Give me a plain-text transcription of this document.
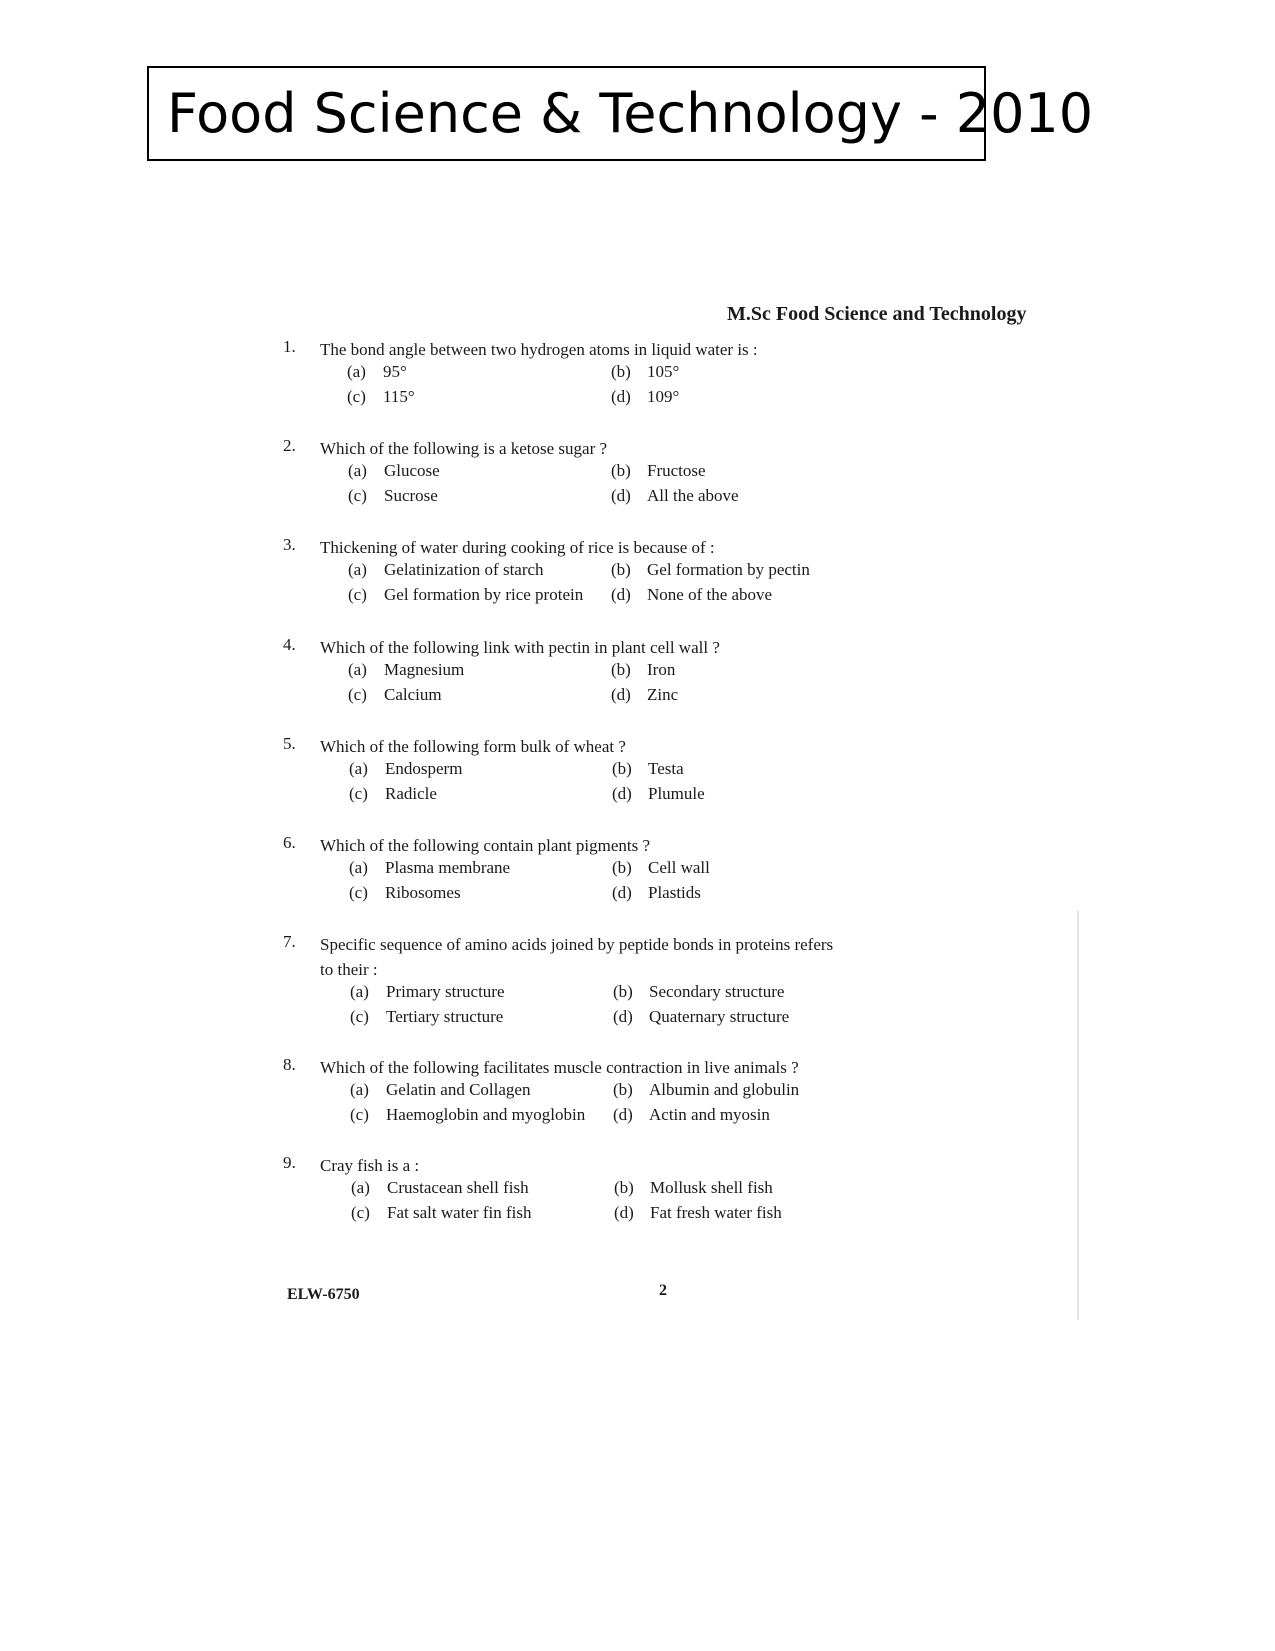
Food Science & Technology - 2010
M.Sc Food Science and Technology
1. The bond angle between two hydrogen atoms in liquid water is :
(a) 95°	(b) 105°
(c) 115°	(d) 109°
2. Which of the following is a ketose sugar ?
(a) Glucose	(b) Fructose
(c) Sucrose	(d) All the above
3. Thickening of water during cooking of rice is because of :
(a) Gelatinization of starch	(b) Gel formation by pectin
(c) Gel formation by rice protein (d) None of the above
4. Which of the following link with pectin in plant cell wall ?
(a) Magnesium	(b) Iron
(c) Calcium	(d) Zinc
5. Which of the following form bulk of wheat ?
(a) Endosperm	(b) Testa
(c) Radicle	(d) Plumule
6. Which of the following contain plant pigments ?
(a) Plasma membrane	(b) Cell wall
(c) Ribosomes	(d) Plastids
7. Specific sequence of amino acids joined by peptide bonds in proteins refers to their :
(a) Primary structure	(b) Secondary structure
(c) Tertiary structure	(d) Quaternary structure
8. Which of the following facilitates muscle contraction in live animals ?
(a) Gelatin and Collagen	(b) Albumin and globulin
(c) Haemoglobin and myoglobin (d) Actin and myosin
9. Cray fish is a :
(a) Crustacean shell fish	(b) Mollusk shell fish
(c) Fat salt water fin fish	(d) Fat fresh water fish
ELW-6750	2
